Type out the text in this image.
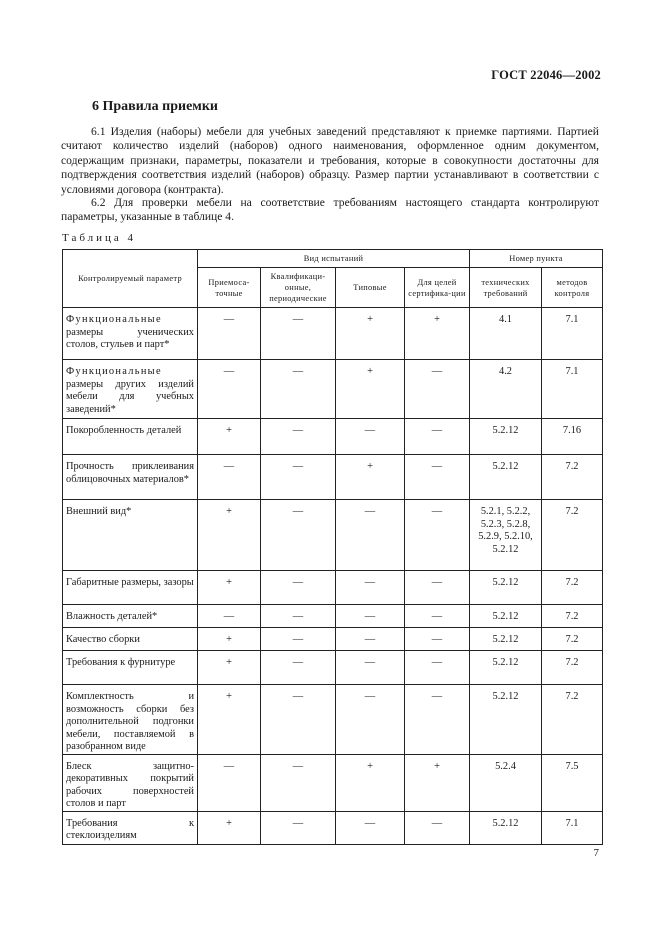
ГОСТ 22046—2002
6 Правила приемки

6.1 Изделия (наборы) мебели для учебных заведений представляют к приемке партиями. Партией считают количество изделий (наборов) одного наименования, оформленное одним документом, содержащим признаки, параметры, показатели и требования, которые в совокупности достаточны для подтверждения соответствия изделий (наборов) образцу. Размер партии устанавливают в соответствии с условиями договора (контракта).

6.2 Для проверки мебели на соответствие требованиям настоящего стандарта контролируют параметры, указанные в таблице 4.

Таблица 4
Контролируемый параметр	Вид испытаний				Номер пункта	
	Приемоса-точные	Квалификаци-онные, периодические	Типовые	Для целей сертифика-ции	технических требований	методов контроля
Функциональные размеры ученических столов, стульев и парт*	—	—	+	+	4.1	7.1
Функциональные размеры других изделий мебели для учебных заведений*	—	—	+	—	4.2	7.1
Покоробленность деталей	+	—	—	—	5.2.12	7.16
Прочность приклеивания облицовочных материалов*	—	—	+	—	5.2.12	7.2
Внешний вид*	+	—	—	—	5.2.1, 5.2.2, 5.2.3, 5.2.8, 5.2.9, 5.2.10, 5.2.12	7.2
Габаритные размеры, зазоры	+	—	—	—	5.2.12	7.2
Влажность деталей*	—	—	—	—	5.2.12	7.2
Качество сборки	+	—	—	—	5.2.12	7.2
Требования к фурнитуре	+	—	—	—	5.2.12	7.2
Комплектность и возможность сборки без дополнительной подгонки мебели, поставляемой в разобранном виде	+	—	—	—	5.2.12	7.2
Блеск защитно-декоративных покрытий рабочих поверхностей столов и парт	—	—	+	+	5.2.4	7.5
Требования к стеклоизделиям	+	—	—	—	5.2.12	7.1
7
